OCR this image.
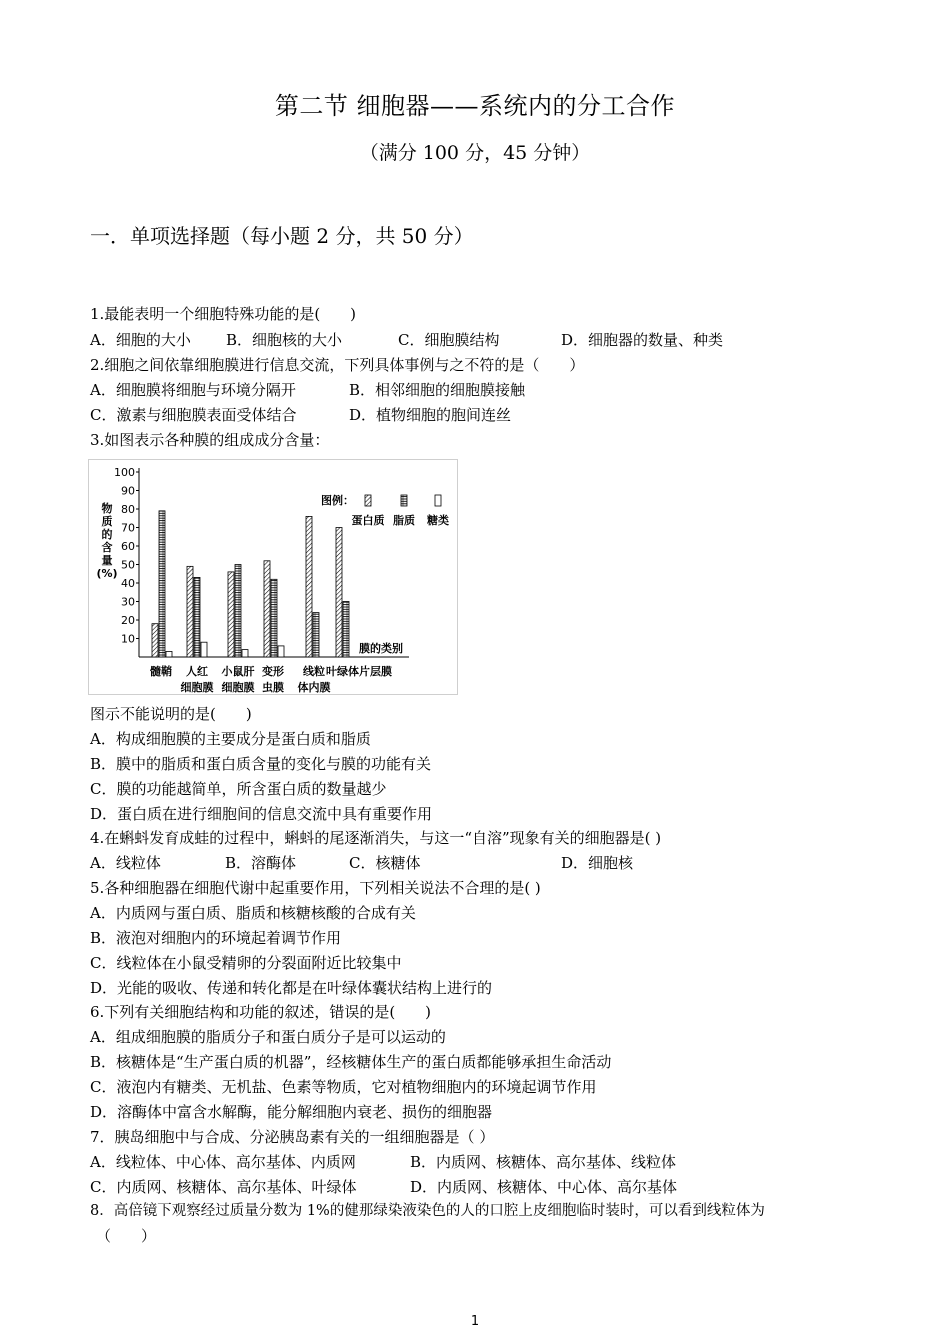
第二节 细胞器——系统内的分工合作
（满分 100 分，45 分钟）
一．单项选择题（每小题 2 分，共 50 分）
1.最能表明一个细胞特殊功能的是(　　)
A．细胞的大小 B．细胞核的大小	C．细胞膜结构	D．细胞器的数量、种类
2.细胞之间依靠细胞膜进行信息交流，下列具体事例与之不符的是（　　）
A．细胞膜将细胞与环境分隔开	B．相邻细胞的细胞膜接触
C．激素与细胞膜表面受体结合	D．植物细胞的胞间连丝
3.如图表示各种膜的组成成分含量：
10
20
30
40
50
60
70
80
90
100
物
质
的
含
量
(%)
髓鞘 人红
细胞膜
小鼠肝
细胞膜
变形
虫膜
线粒
体内膜
叶绿体片层膜
膜的类别
图例：
蛋白质 脂质 糖类
图示不能说明的是(　　)
A．构成细胞膜的主要成分是蛋白质和脂质
B．膜中的脂质和蛋白质含量的变化与膜的功能有关
C．膜的功能越简单，所含蛋白质的数量越少
D．蛋白质在进行细胞间的信息交流中具有重要作用
4.在蝌蚪发育成蛙的过程中，蝌蚪的尾逐渐消失，与这一“自溶”现象有关的细胞器是( )
A．线粒体	B．溶酶体	C．核糖体	D．细胞核
5.各种细胞器在细胞代谢中起重要作用，下列相关说法不合理的是( )
A．内质网与蛋白质、脂质和核糖核酸的合成有关
B．液泡对细胞内的环境起着调节作用
C．线粒体在小鼠受精卵的分裂面附近比较集中
D．光能的吸收、传递和转化都是在叶绿体囊状结构上进行的
6.下列有关细胞结构和功能的叙述，错误的是(　　)
A．组成细胞膜的脂质分子和蛋白质分子是可以运动的
B．核糖体是“生产蛋白质的机器”，经核糖体生产的蛋白质都能够承担生命活动
C．液泡内有糖类、无机盐、色素等物质，它对植物细胞内的环境起调节作用
D．溶酶体中富含水解酶，能分解细胞内衰老、损伤的细胞器
7．胰岛细胞中与合成、分泌胰岛素有关的一组细胞器是（ ）
A．线粒体、中心体、高尔基体、内质网	B．内质网、核糖体、高尔基体、线粒体
C．内质网、核糖体、高尔基体、叶绿体	D．内质网、核糖体、中心体、高尔基体
8．高倍镜下观察经过质量分数为 1%的健那绿染液染色的人的口腔上皮细胞临时装时，可以看到线粒体为
（　　）
1
